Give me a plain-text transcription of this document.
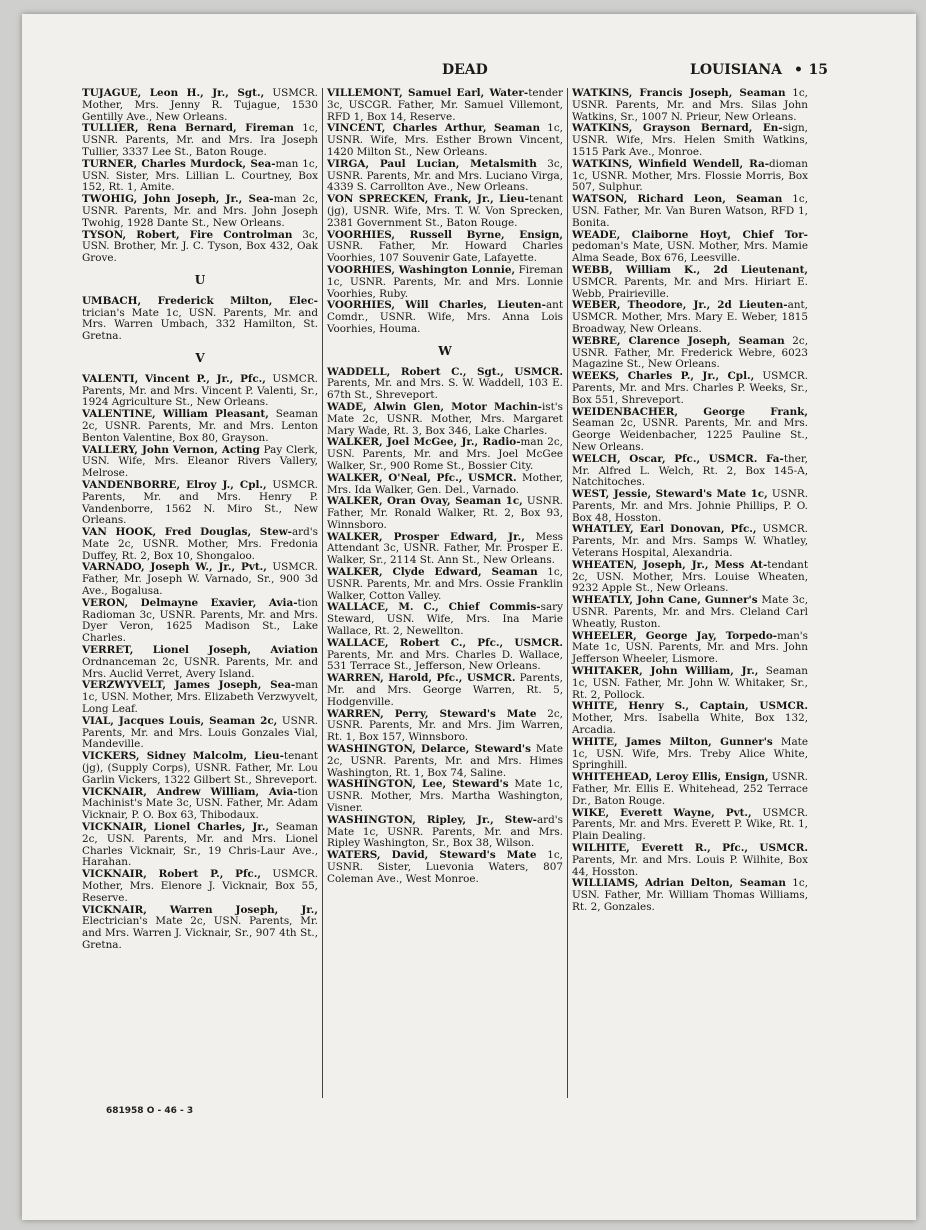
DEAD	LOUISIANA • 15
TUJAGUE, Leon H., Jr., Sgt., USMCR. Mother, Mrs. Jenny R. Tujague, 1530 Gentilly Ave., New Orleans.
TULLIER, Rena Bernard, Fireman 1c, USNR. Parents, Mr. and Mrs. Ira Joseph Tullier, 3337 Lee St., Baton Rouge.
TURNER, Charles Murdock, Sea-man 1c, USN. Sister, Mrs. Lillian L. Courtney, Box 152, Rt. 1, Amite.
TWOHIG, John Joseph, Jr., Sea-man 2c, USNR. Parents, Mr. and Mrs. John Joseph Twohig, 1928 Dante St., New Orleans.
TYSON, Robert, Fire Controlman 3c, USN. Brother, Mr. J. C. Tyson, Box 432, Oak Grove.
U
UMBACH, Frederick Milton, Elec-trician's Mate 1c, USN. Parents, Mr. and Mrs. Warren Umbach, 332 Hamilton, St. Gretna.
V
VALENTI, Vincent P., Jr., Pfc., USMCR. Parents, Mr. and Mrs. Vincent P. Valenti, Sr., 1924 Agriculture St., New Orleans.
VALENTINE, William Pleasant, Seaman 2c, USNR. Parents, Mr. and Mrs. Lenton Benton Valentine, Box 80, Grayson.
VALLERY, John Vernon, Acting Pay Clerk, USN. Wife, Mrs. Eleanor Rivers Vallery, Melrose.
VANDENBORRE, Elroy J., Cpl., USMCR. Parents, Mr. and Mrs. Henry P. Vandenborre, 1562 N. Miro St., New Orleans.
VAN HOOK, Fred Douglas, Stew-ard's Mate 2c, USNR. Mother, Mrs. Fredonia Duffey, Rt. 2, Box 10, Shongaloo.
VARNADO, Joseph W., Jr., Pvt., USMCR. Father, Mr. Joseph W. Varnado, Sr., 900 3d Ave., Bogalusa.
VERON, Delmayne Exavier, Avia-tion Radioman 3c, USNR. Parents, Mr. and Mrs. Dyer Veron, 1625 Madison St., Lake Charles.
VERRET, Lionel Joseph, Aviation Ordnanceman 2c, USNR. Parents, Mr. and Mrs. Auclid Verret, Avery Island.
VERZWYVELT, James Joseph, Sea-man 1c, USN. Mother, Mrs. Elizabeth Verzwyvelt, Long Leaf.
VIAL, Jacques Louis, Seaman 2c, USNR. Parents, Mr. and Mrs. Louis Gonzales Vial, Mandeville.
VICKERS, Sidney Malcolm, Lieu-tenant (jg), (Supply Corps), USNR. Father, Mr. Lou Garlin Vickers, 1322 Gilbert St., Shreveport.
VICKNAIR, Andrew William, Avia-tion Machinist's Mate 3c, USN. Father, Mr. Adam Vicknair, P. O. Box 63, Thibodaux.
VICKNAIR, Lionel Charles, Jr., Seaman 2c, USN. Parents, Mr. and Mrs. Lionel Charles Vicknair, Sr., 19 Chris-Laur Ave., Harahan.
VICKNAIR, Robert P., Pfc., USMCR. Mother, Mrs. Elenore J. Vicknair, Box 55, Reserve.
VICKNAIR, Warren Joseph, Jr., Electrician's Mate 2c, USN. Parents, Mr. and Mrs. Warren J. Vicknair, Sr., 907 4th St., Gretna.
VILLEMONT, Samuel Earl, Water-tender 3c, USCGR. Father, Mr. Samuel Villemont, RFD 1, Box 14, Reserve.
VINCENT, Charles Arthur, Seaman 1c, USNR. Wife, Mrs. Esther Brown Vincent, 1420 Milton St., New Orleans.
VIRGA, Paul Lucian, Metalsmith 3c, USNR. Parents, Mr. and Mrs. Luciano Virga, 4339 S. Carrollton Ave., New Orleans.
VON SPRECKEN, Frank, Jr., Lieu-tenant (jg), USNR. Wife, Mrs. T. W. Von Sprecken, 2381 Government St., Baton Rouge.
VOORHIES, Russell Byrne, Ensign, USNR. Father, Mr. Howard Charles Voorhies, 107 Souvenir Gate, Lafayette.
VOORHIES, Washington Lonnie, Fireman 1c, USNR. Parents, Mr. and Mrs. Lonnie Voorhies, Ruby.
VOORHIES, Will Charles, Lieuten-ant Comdr., USNR. Wife, Mrs. Anna Lois Voorhies, Houma.
W
WADDELL, Robert C., Sgt., USMCR. Parents, Mr. and Mrs. S. W. Waddell, 103 E. 67th St., Shreveport.
WADE, Alwin Glen, Motor Machin-ist's Mate 2c, USNR. Mother, Mrs. Margaret Mary Wade, Rt. 3, Box 346, Lake Charles.
WALKER, Joel McGee, Jr., Radio-man 2c, USN. Parents, Mr. and Mrs. Joel McGee Walker, Sr., 900 Rome St., Bossier City.
WALKER, O'Neal, Pfc., USMCR. Mother, Mrs. Ida Walker, Gen. Del., Varnado.
WALKER, Oran Ovay, Seaman 1c, USNR. Father, Mr. Ronald Walker, Rt. 2, Box 93, Winnsboro.
WALKER, Prosper Edward, Jr., Mess Attendant 3c, USNR. Father, Mr. Prosper E. Walker, Sr., 2114 St. Ann St., New Orleans.
WALKER, Clyde Edward, Seaman 1c, USNR. Parents, Mr. and Mrs. Ossie Franklin Walker, Cotton Valley.
WALLACE, M. C., Chief Commis-sary Steward, USN. Wife, Mrs. Ina Marie Wallace, Rt. 2, Newellton.
WALLACE, Robert C., Pfc., USMCR. Parents, Mr. and Mrs. Charles D. Wallace, 531 Terrace St., Jefferson, New Orleans.
WARREN, Harold, Pfc., USMCR. Parents, Mr. and Mrs. George Warren, Rt. 5, Hodgenville.
WARREN, Perry, Steward's Mate 2c, USNR. Parents, Mr. and Mrs. Jim Warren, Rt. 1, Box 157, Winnsboro.
WASHINGTON, Delarce, Steward's Mate 2c, USNR. Parents, Mr. and Mrs. Himes Washington, Rt. 1, Box 74, Saline.
WASHINGTON, Lee, Steward's Mate 1c, USNR. Mother, Mrs. Martha Washington, Visner.
WASHINGTON, Ripley, Jr., Stew-ard's Mate 1c, USNR. Parents, Mr. and Mrs. Ripley Washington, Sr., Box 38, Wilson.
WATERS, David, Steward's Mate 1c, USNR. Sister, Luevonia Waters, 807 Coleman Ave., West Monroe.
WATKINS, Francis Joseph, Seaman 1c, USNR. Parents, Mr. and Mrs. Silas John Watkins, Sr., 1007 N. Prieur, New Orleans.
WATKINS, Grayson Bernard, En-sign, USNR. Wife, Mrs. Helen Smith Watkins, 1515 Park Ave., Monroe.
WATKINS, Winfield Wendell, Ra-dioman 1c, USNR. Mother, Mrs. Flossie Morris, Box 507, Sulphur.
WATSON, Richard Leon, Seaman 1c, USN. Father, Mr. Van Buren Watson, RFD 1, Bonita.
WEADE, Claiborne Hoyt, Chief Tor-pedoman's Mate, USN. Mother, Mrs. Mamie Alma Seade, Box 676, Leesville.
WEBB, William K., 2d Lieutenant, USMCR. Parents, Mr. and Mrs. Hiriart E. Webb, Prairieville.
WEBER, Theodore, Jr., 2d Lieuten-ant, USMCR. Mother, Mrs. Mary E. Weber, 1815 Broadway, New Orleans.
WEBRE, Clarence Joseph, Seaman 2c, USNR. Father, Mr. Frederick Webre, 6023 Magazine St., New Orleans.
WEEKS, Charles P., Jr., Cpl., USMCR. Parents, Mr. and Mrs. Charles P. Weeks, Sr., Box 551, Shreveport.
WEIDENBACHER, George Frank, Seaman 2c, USNR. Parents, Mr. and Mrs. George Weidenbacher, 1225 Pauline St., New Orleans.
WELCH, Oscar, Pfc., USMCR. Fa-ther, Mr. Alfred L. Welch, Rt. 2, Box 145-A, Natchitoches.
WEST, Jessie, Steward's Mate 1c, USNR. Parents, Mr. and Mrs. Johnie Phillips, P. O. Box 48, Hosston.
WHATLEY, Earl Donovan, Pfc., USMCR. Parents, Mr. and Mrs. Samps W. Whatley, Veterans Hospital, Alexandria.
WHEATEN, Joseph, Jr., Mess At-tendant 2c, USN. Mother, Mrs. Louise Wheaten, 9232 Apple St., New Orleans.
WHEATLY, John Cane, Gunner's Mate 3c, USNR. Parents, Mr. and Mrs. Cleland Carl Wheatly, Ruston.
WHEELER, George Jay, Torpedo-man's Mate 1c, USN. Parents, Mr. and Mrs. John Jefferson Wheeler, Lismore.
WHITAKER, John William, Jr., Seaman 1c, USN. Father, Mr. John W. Whitaker, Sr., Rt. 2, Pollock.
WHITE, Henry S., Captain, USMCR. Mother, Mrs. Isabella White, Box 132, Arcadia.
WHITE, James Milton, Gunner's Mate 1c, USN. Wife, Mrs. Treby Alice White, Springhill.
WHITEHEAD, Leroy Ellis, Ensign, USNR. Father, Mr. Ellis E. Whitehead, 252 Terrace Dr., Baton Rouge.
WIKE, Everett Wayne, Pvt., USMCR. Parents, Mr. and Mrs. Everett P. Wike, Rt. 1, Plain Dealing.
WILHITE, Everett R., Pfc., USMCR. Parents, Mr. and Mrs. Louis P. Wilhite, Box 44, Hosston.
WILLIAMS, Adrian Delton, Seaman 1c, USN. Father, Mr. William Thomas Williams, Rt. 2, Gonzales.
681958 O - 46 - 3
